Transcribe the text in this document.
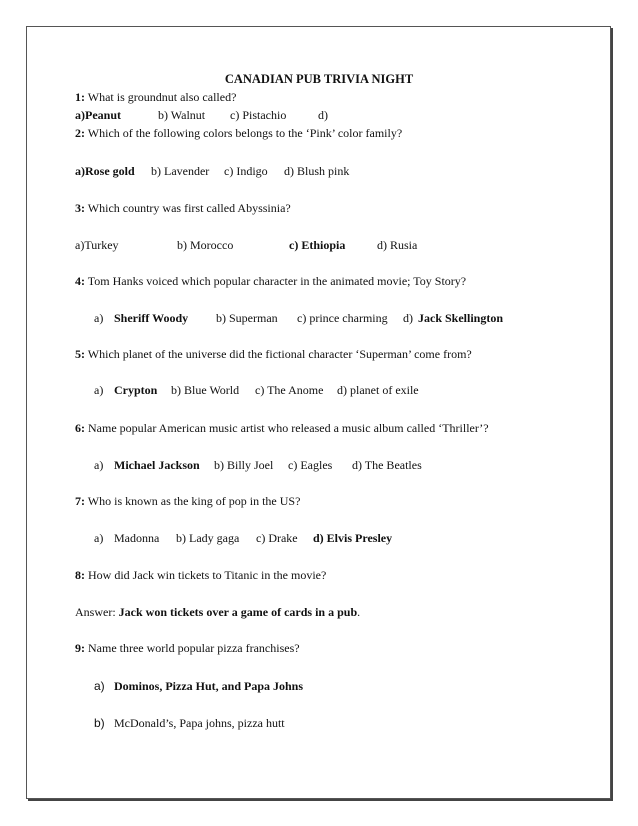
CANADIAN PUB TRIVIA NIGHT
1: What is groundnut also called?
a)Peanut	b) Walnut c) Pistachio	d)
2: Which of the following colors belongs to the ‘Pink’ color family?
a)Rose gold b) Lavender c) Indigo d) Blush pink
3: Which country was first called Abyssinia?
a)Turkey	b) Morocco	c) Ethiopia	d) Rusia
4: Tom Hanks voiced which popular character in the animated movie; Toy Story?
a) Sheriff Woody b) Superman c) prince charming d) Jack Skellington
5: Which planet of the universe did the fictional character ‘Superman’ come from?
a) Crypton b) Blue World c) The Anome d) planet of exile
6: Name popular American music artist who released a music album called ‘Thriller’?
a) Michael Jackson b) Billy Joel c) Eagles d) The Beatles
7: Who is known as the king of pop in the US?
a) Madonna b) Lady gaga c) Drake d) Elvis Presley
8: How did Jack win tickets to Titanic in the movie?
Answer: Jack won tickets over a game of cards in a pub.
9: Name three world popular pizza franchises?
a) Dominos, Pizza Hut, and Papa Johns
b) McDonald’s, Papa johns, pizza hutt
